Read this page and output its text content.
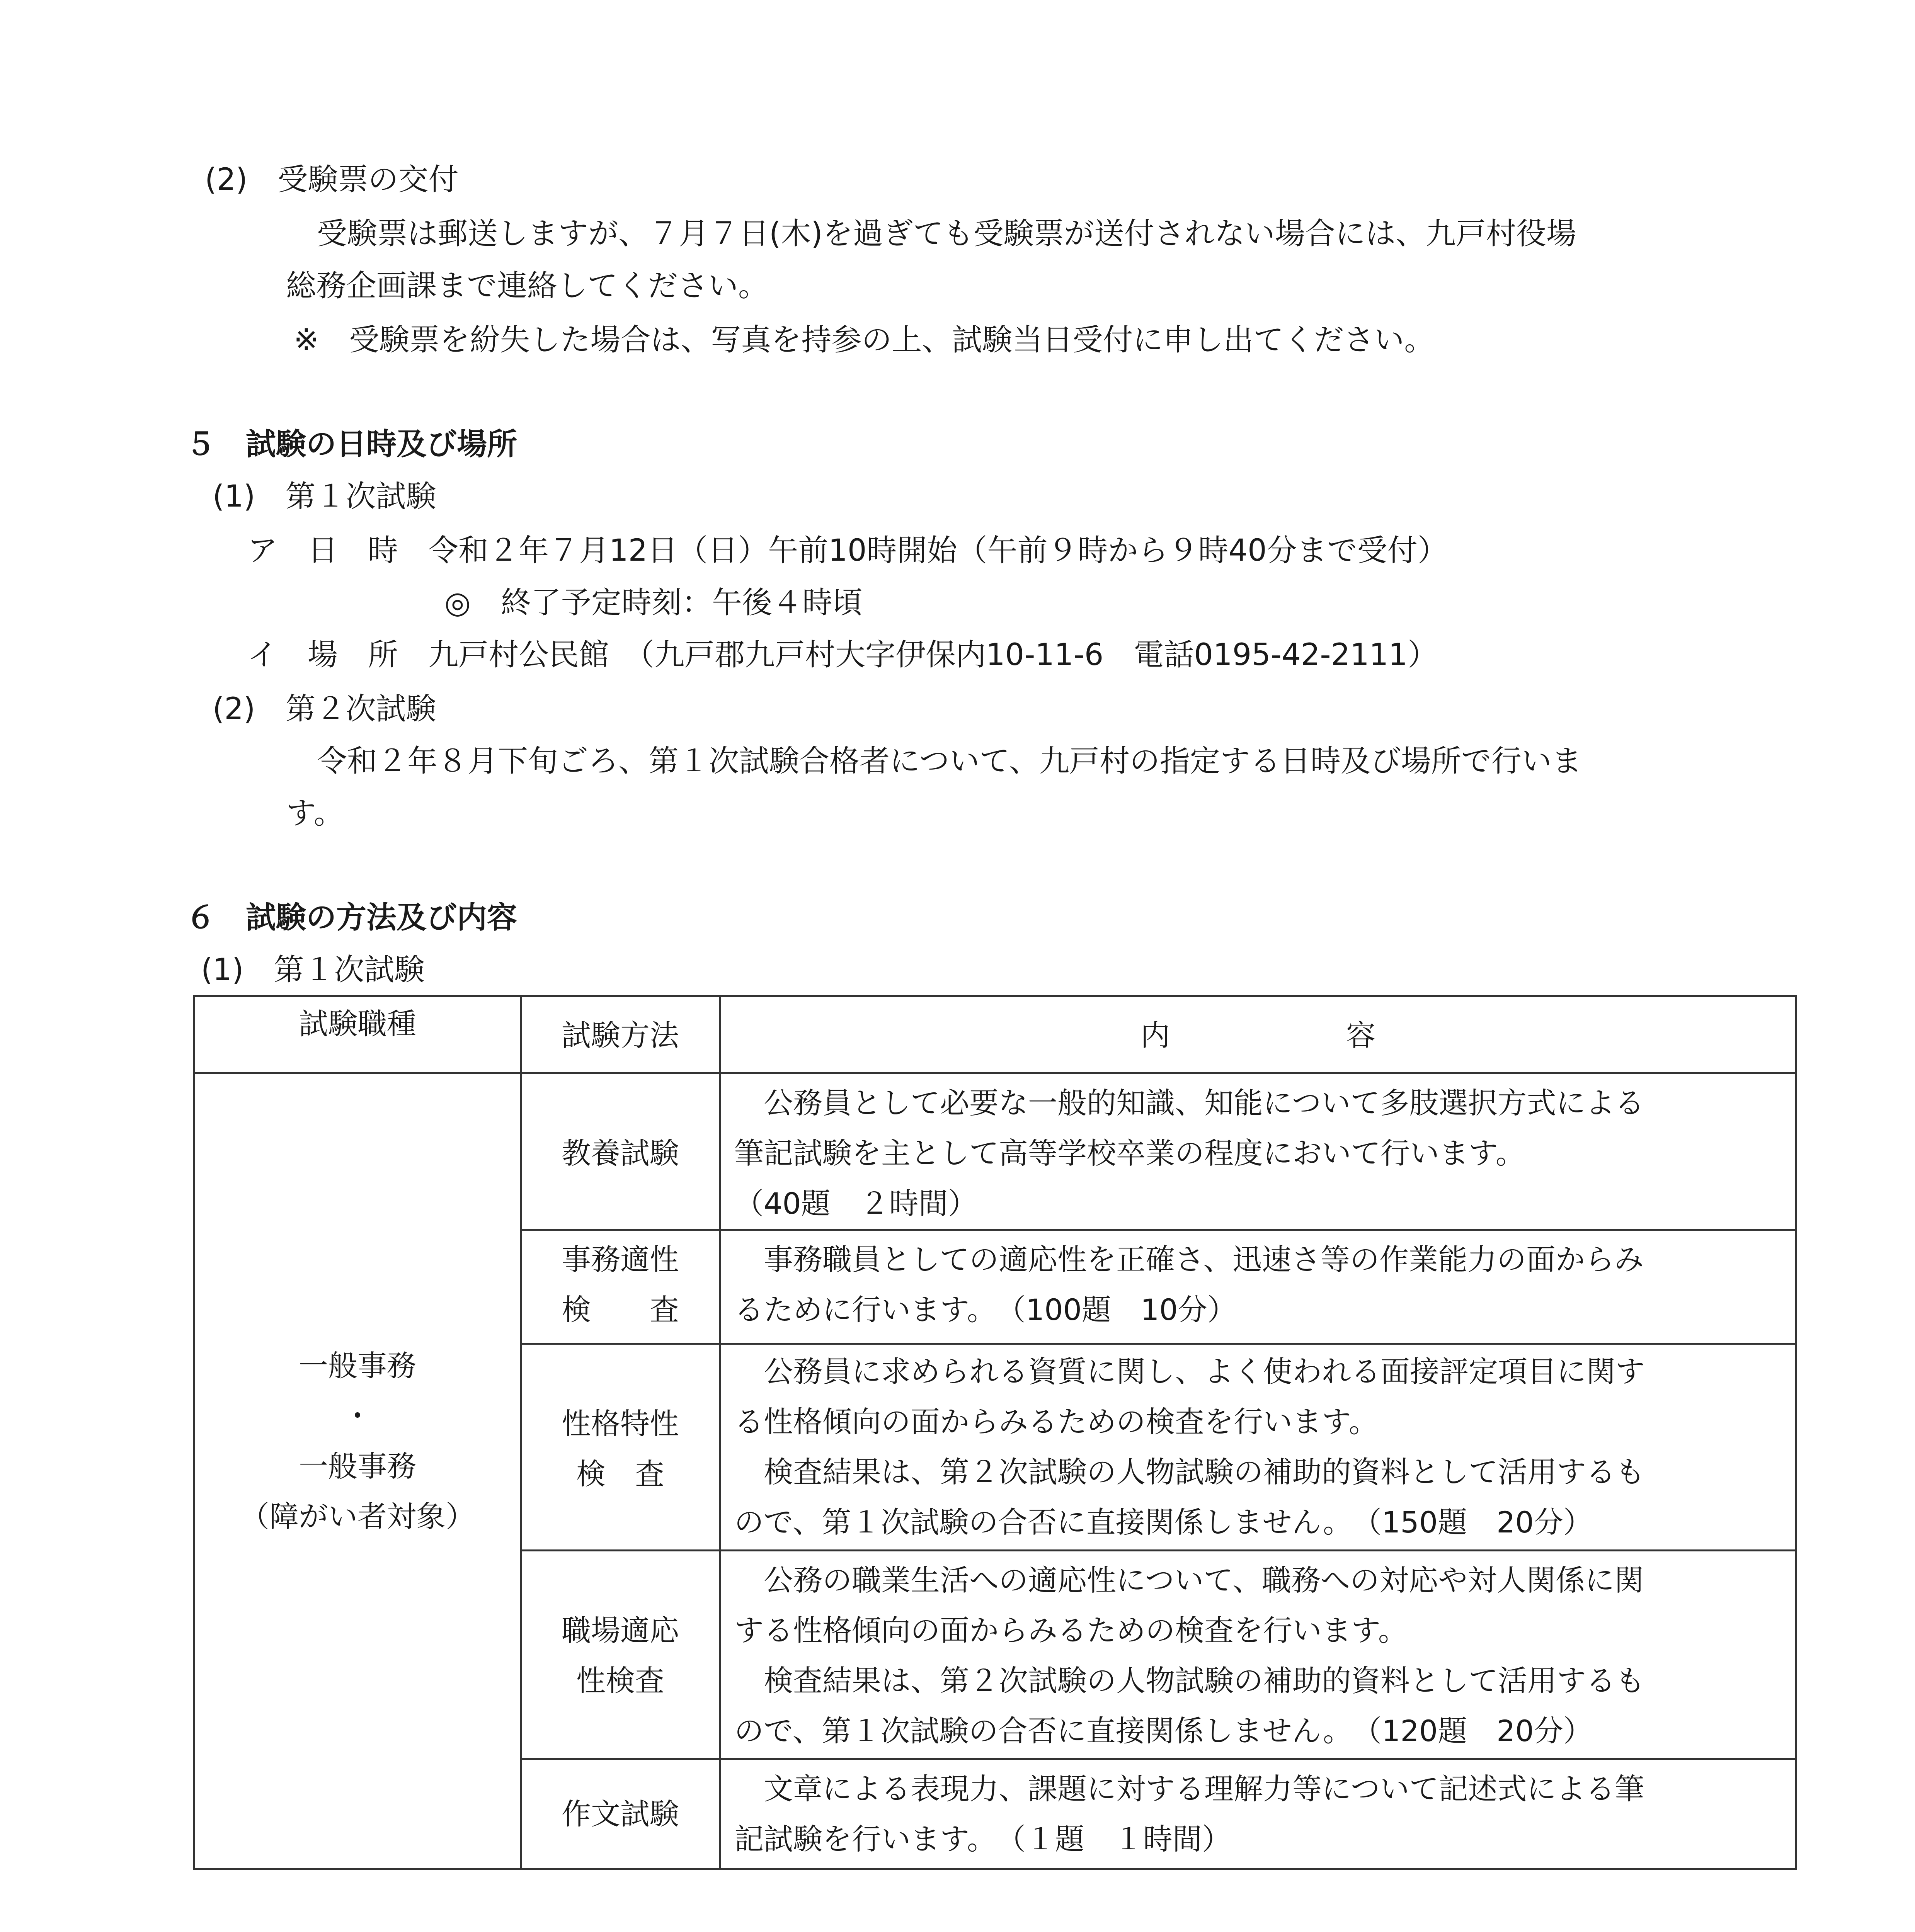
(2)　受験票の交付
受験票は郵送しますが、７月７日(木)を過ぎても受験票が送付されない場合には、九戸村役場
総務企画課まで連絡してください。
※　受験票を紛失した場合は、写真を持参の上、試験当日受付に申し出てください。
５　試験の日時及び場所
(1)　第１次試験
ア　日　時　令和２年７月12日（日）午前10時開始（午前９時から９時40分まで受付）
◎　終了予定時刻：午後４時頃
イ　場　所　九戸村公民館　（九戸郡九戸村大字伊保内10-11-6　電話0195-42-2111）
(2)　第２次試験
令和２年８月下旬ごろ、第１次試験合格者について、九戸村の指定する日時及び場所で行いま
す。
６　試験の方法及び内容
(1)　第１次試験
試験職種	試験方法	内　　　　　　容
一般事務
・
一般事務
（障がい者対象）
教養試験
　公務員として必要な一般的知識、知能について多肢選択方式による
筆記試験を主として高等学校卒業の程度において行います。
（40題　２時間）
事務適性
検　　査
　事務職員としての適応性を正確さ、迅速さ等の作業能力の面からみ
るために行います。　（100題　10分）
性格特性
検　査
　公務員に求められる資質に関し、よく使われる面接評定項目に関す
る性格傾向の面からみるための検査を行います。
　検査結果は、第２次試験の人物試験の補助的資料として活用するも
ので、第１次試験の合否に直接関係しません。　（150題　20分）
職場適応
性検査
　公務の職業生活への適応性について、職務への対応や対人関係に関
する性格傾向の面からみるための検査を行います。
　検査結果は、第２次試験の人物試験の補助的資料として活用するも
ので、第１次試験の合否に直接関係しません。　（120題　20分）
作文試験
　文章による表現力、課題に対する理解力等について記述式による筆
記試験を行います。　（１題　１時間）
